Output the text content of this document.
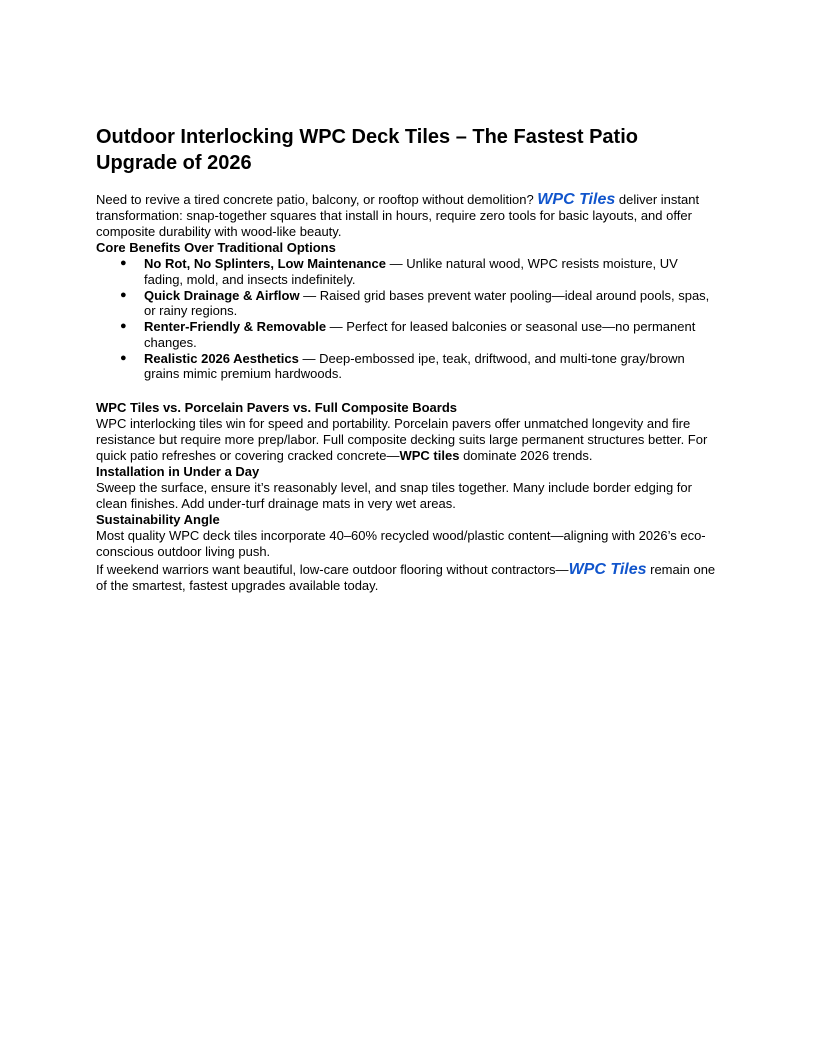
Outdoor Interlocking WPC Deck Tiles – The Fastest Patio Upgrade of 2026

Need to revive a tired concrete patio, balcony, or rooftop without demolition? WPC Tiles deliver instant transformation: snap-together squares that install in hours, require zero tools for basic layouts, and offer composite durability with wood-like beauty.

Core Benefits Over Traditional Options
● No Rot, No Splinters, Low Maintenance — Unlike natural wood, WPC resists moisture, UV fading, mold, and insects indefinitely.
● Quick Drainage & Airflow — Raised grid bases prevent water pooling—ideal around pools, spas, or rainy regions.
● Renter-Friendly & Removable — Perfect for leased balconies or seasonal use—no permanent changes.
● Realistic 2026 Aesthetics — Deep-embossed ipe, teak, driftwood, and multi-tone gray/brown grains mimic premium hardwoods.
WPC Tiles vs. Porcelain Pavers vs. Full Composite Boards

WPC interlocking tiles win for speed and portability. Porcelain pavers offer unmatched longevity and fire resistance but require more prep/labor. Full composite decking suits large permanent structures better. For quick patio refreshes or covering cracked concrete—WPC tiles dominate 2026 trends.

Installation in Under a Day

Sweep the surface, ensure it’s reasonably level, and snap tiles together. Many include border edging for clean finishes. Add under-turf drainage mats in very wet areas.

Sustainability Angle

Most quality WPC deck tiles incorporate 40–60% recycled wood/plastic content—aligning with 2026’s eco-conscious outdoor living push.

If weekend warriors want beautiful, low-care outdoor flooring without contractors—WPC Tiles remain one of the smartest, fastest upgrades available today.
